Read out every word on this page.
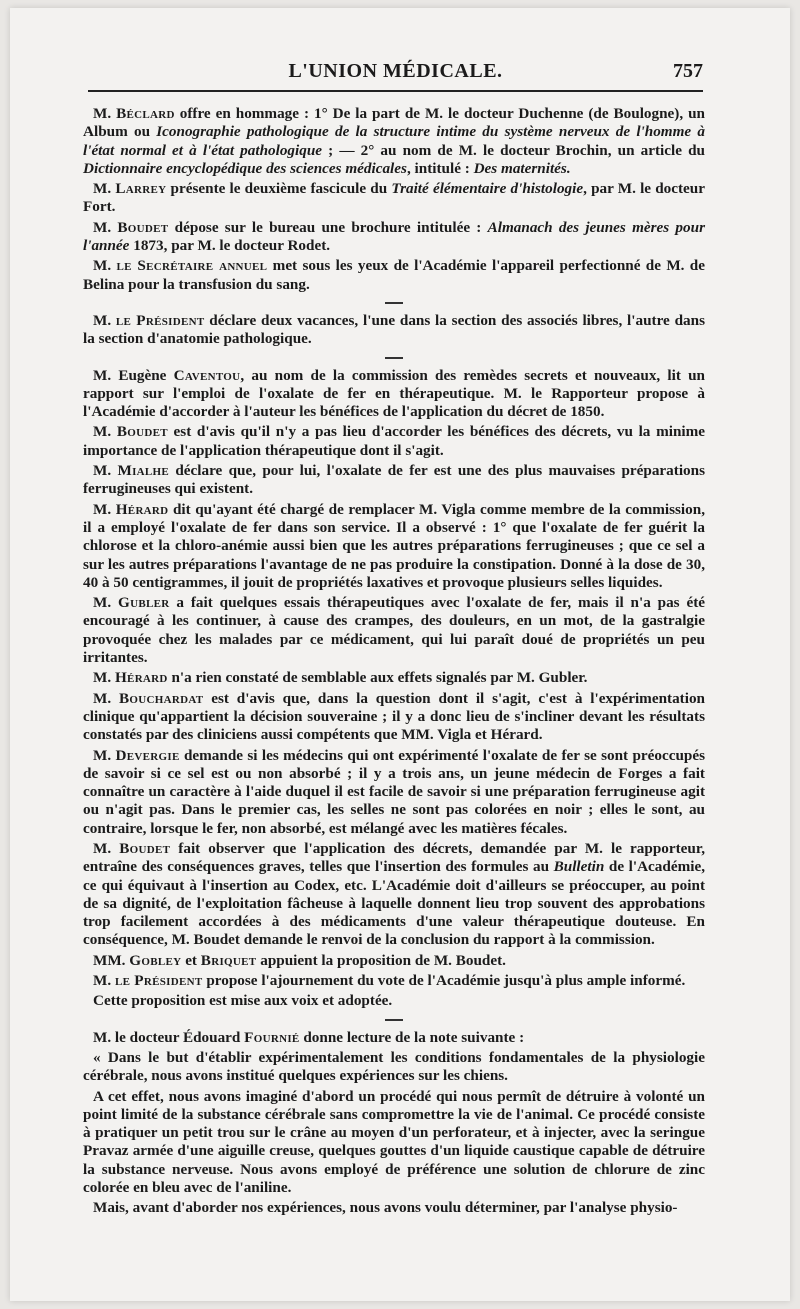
L'UNION MÉDICALE.	757

M. Béclard offre en hommage : 1° De la part de M. le docteur Duchenne (de Boulogne), un Album ou Iconographie pathologique de la structure intime du système nerveux de l'homme à l'état normal et à l'état pathologique ; — 2° au nom de M. le docteur Brochin, un article du Dictionnaire encyclopédique des sciences médicales, intitulé : Des maternités.

M. Larrey présente le deuxième fascicule du Traité élémentaire d'histologie, par M. le docteur Fort.

M. Boudet dépose sur le bureau une brochure intitulée : Almanach des jeunes mères pour l'année 1873, par M. le docteur Rodet.

M. le Secrétaire annuel met sous les yeux de l'Académie l'appareil perfectionné de M. de Belina pour la transfusion du sang.

M. le Président déclare deux vacances, l'une dans la section des associés libres, l'autre dans la section d'anatomie pathologique.

M. Eugène Caventou, au nom de la commission des remèdes secrets et nouveaux, lit un rapport sur l'emploi de l'oxalate de fer en thérapeutique. M. le Rapporteur propose à l'Académie d'accorder à l'auteur les bénéfices de l'application du décret de 1850.

M. Boudet est d'avis qu'il n'y a pas lieu d'accorder les bénéfices des décrets, vu la minime importance de l'application thérapeutique dont il s'agit.

M. Mialhe déclare que, pour lui, l'oxalate de fer est une des plus mauvaises préparations ferrugineuses qui existent.

M. Hérard dit qu'ayant été chargé de remplacer M. Vigla comme membre de la commission, il a employé l'oxalate de fer dans son service. Il a observé : 1° que l'oxalate de fer guérit la chlorose et la chloro-anémie aussi bien que les autres préparations ferrugineuses ; que ce sel a sur les autres préparations l'avantage de ne pas produire la constipation. Donné à la dose de 30, 40 à 50 centigrammes, il jouit de propriétés laxatives et provoque plusieurs selles liquides.

M. Gubler a fait quelques essais thérapeutiques avec l'oxalate de fer, mais il n'a pas été encouragé à les continuer, à cause des crampes, des douleurs, en un mot, de la gastralgie provoquée chez les malades par ce médicament, qui lui paraît doué de propriétés un peu irritantes.

M. Hérard n'a rien constaté de semblable aux effets signalés par M. Gubler.

M. Bouchardat est d'avis que, dans la question dont il s'agit, c'est à l'expérimentation clinique qu'appartient la décision souveraine ; il y a donc lieu de s'incliner devant les résultats constatés par des cliniciens aussi compétents que MM. Vigla et Hérard.

M. Devergie demande si les médecins qui ont expérimenté l'oxalate de fer se sont préoccupés de savoir si ce sel est ou non absorbé ; il y a trois ans, un jeune médecin de Forges a fait connaître un caractère à l'aide duquel il est facile de savoir si une préparation ferrugineuse agit ou n'agit pas. Dans le premier cas, les selles ne sont pas colorées en noir ; elles le sont, au contraire, lorsque le fer, non absorbé, est mélangé avec les matières fécales.

M. Boudet fait observer que l'application des décrets, demandée par M. le rapporteur, entraîne des conséquences graves, telles que l'insertion des formules au Bulletin de l'Académie, ce qui équivaut à l'insertion au Codex, etc. L'Académie doit d'ailleurs se préoccuper, au point de sa dignité, de l'exploitation fâcheuse à laquelle donnent lieu trop souvent des approbations trop facilement accordées à des médicaments d'une valeur thérapeutique douteuse. En conséquence, M. Boudet demande le renvoi de la conclusion du rapport à la commission.

MM. Gobley et Briquet appuient la proposition de M. Boudet.

M. le Président propose l'ajournement du vote de l'Académie jusqu'à plus ample informé.

Cette proposition est mise aux voix et adoptée.

M. le docteur Édouard Fournié donne lecture de la note suivante :

« Dans le but d'établir expérimentalement les conditions fondamentales de la physiologie cérébrale, nous avons institué quelques expériences sur les chiens.

A cet effet, nous avons imaginé d'abord un procédé qui nous permît de détruire à volonté un point limité de la substance cérébrale sans compromettre la vie de l'animal. Ce procédé consiste à pratiquer un petit trou sur le crâne au moyen d'un perforateur, et à injecter, avec la seringue Pravaz armée d'une aiguille creuse, quelques gouttes d'un liquide caustique capable de détruire la substance nerveuse. Nous avons employé de préférence une solution de chlorure de zinc colorée en bleu avec de l'aniline.

Mais, avant d'aborder nos expériences, nous avons voulu déterminer, par l'analyse physio-
